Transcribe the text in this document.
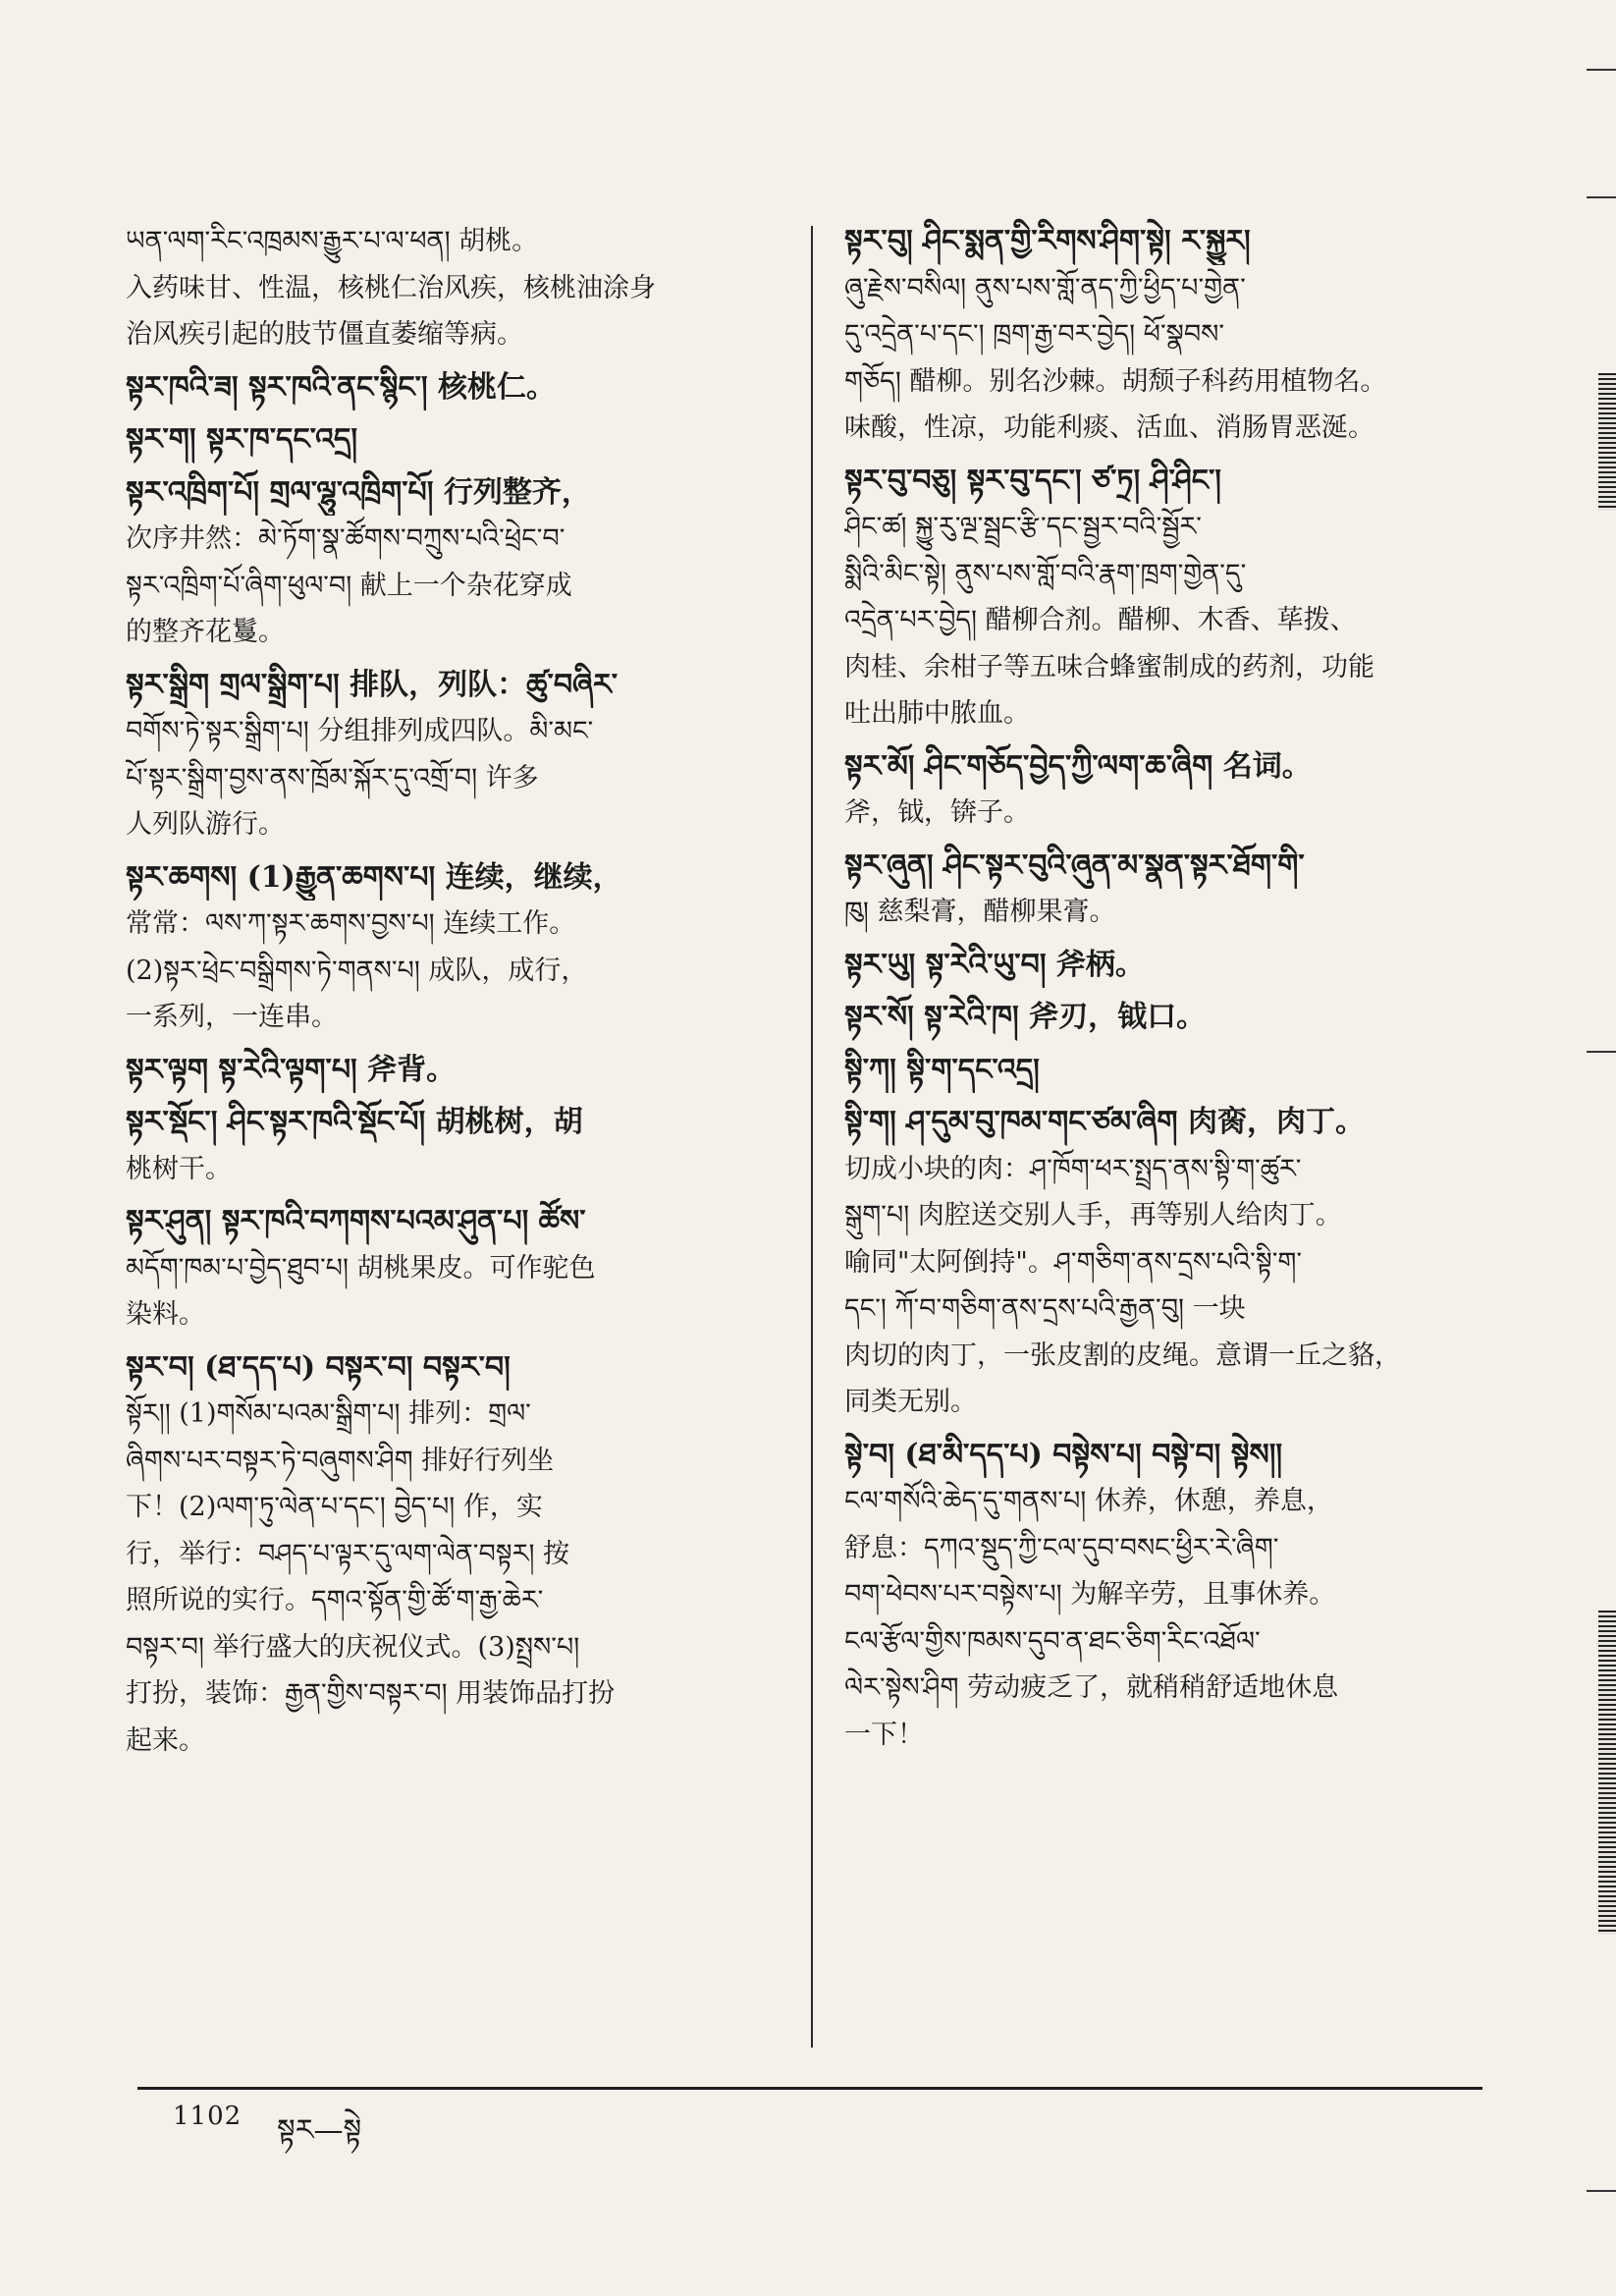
ཡན་ལག་རིང་འཁྲམས་རྒྱུར་པ་ལ་ཕན། 胡桃。
入药味甘、性温，核桃仁治风疾，核桃油涂身
治风疾引起的肢节僵直萎缩等病。
སྟར་ཁའི་ཟ། སྟར་ཁའི་ནང་སྙིང་། 核桃仁。
སྟར་ག། སྟར་ཁ་དང་འདྲ།
སྟར་འཁྲིག་པོ། གྲལ་ལྷུ་འཁྲིག་པོ། 行列整齐，
次序井然：མེ་ཏོག་སྣ་ཚོགས་བཀྲུས་པའི་ཕྲེང་བ་
སྟར་འཁྲིག་པོ་ཞིག་ཕུལ་བ། 献上一个杂花穿成
的整齐花鬘。
སྟར་སྒྲིག གྲལ་སྒྲིག་པ། 排队，列队：ཚུ་བཞིར་
བགོས་ཏེ་སྟར་སྒྲིག་པ། 分组排列成四队。མི་མང་
པོ་སྟར་སྒྲིག་བྱས་ནས་ཁྲོམ་སྐོར་དུ་འགྲོ་བ། 许多
人列队游行。
སྟར་ཆགས། (1)རྒྱུན་ཆགས་པ། 连续，继续，
常常：ལས་ཀ་སྟར་ཆགས་བྱས་པ། 连续工作。
(2)སྟར་ཕྲེང་བསྒྲིགས་ཏེ་གནས་པ། 成队，成行，
一系列，一连串。
སྟར་ལྟག སྟ་རེའི་ལྟག་པ། 斧背。
སྟར་སྡོང་། ཤིང་སྟར་ཁའི་སྡོང་པོ། 胡桃树，胡
桃树干。
སྟར་ཤུན། སྟར་ཁའི་བཀགས་པའམ་ཤུན་པ། ཚོས་
མདོག་ཁམ་པ་བྱེད་ཐུབ་པ། 胡桃果皮。可作驼色
染料。
སྟར་བ། (ཐ་དད་པ) བསྟར་བ། བསྟར་བ།
སྟོར།། (1)གསོམ་པའམ་སྒྲིག་པ། 排列：གྲལ་
ཞིགས་པར་བསྟར་ཏེ་བཞུགས་ཤིག 排好行列坐
下！(2)ལག་ཏུ་ལེན་པ་དང་། བྱེད་པ། 作，实
行，举行：བཤད་པ་ལྟར་དུ་ལག་ལེན་བསྟར། 按
照所说的实行。དགའ་སྟོན་གྱི་ཚོ་ག་རྒྱ་ཆེར་
བསྟར་བ། 举行盛大的庆祝仪式。(3)སྤྲས་པ།
打扮，装饰：རྒྱན་གྱིས་བསྟར་བ། 用装饰品打扮
起来。
སྟར་བུ། ཤིང་སྨན་གྱི་རིགས་ཤིག་སྟེ། ཪ་སྐྱུར།
ཞུ་རྗེས་བསིལ། ནུས་པས་གློ་ནད་ཀྱི་ཕྱིད་པ་གྱེན་
དུ་འདྲེན་པ་དང་། ཁྲག་རྒྱ་བར་བྱེད། ཕོ་སྣབས་
གཅོད། 醋柳。别名沙棘。胡颓子科药用植物名。
味酸，性凉，功能利痰、活血、消肠胃恶涎。
སྟར་བུ་བཅུ། སྟར་བུ་དང་། ཙ་ཏྲ། ཤི་ཤིང་།
ཤིང་ཚ། སྐྱུ་རུ་ལྔ་སྦྲང་རྩི་དང་སྦྱར་བའི་སྦྱོར་
སྨིའི་མིང་སྟེ། ནུས་པས་གློ་བའི་རྣག་ཁྲག་གྱེན་དུ་
འདྲེན་པར་བྱེད། 醋柳合剂。醋柳、木香、荜拨、
肉桂、余柑子等五味合蜂蜜制成的药剂，功能
吐出肺中脓血。
སྟར་མོ། ཤིང་གཅོད་བྱེད་ཀྱི་ལག་ཆ་ཞིག 名词。
斧，钺，锛子。
སྟར་ཞུན། ཤིང་སྟར་བུའི་ཞུན་མ་སྣན་སྟར་ཐོག་གི་
ཁུ། 慈梨膏，醋柳果膏。
སྟར་ཡུ། སྟ་རེའི་ཡུ་བ། 斧柄。
སྟར་སོ། སྟ་རེའི་ཁ། 斧刃，钺口。
སྟི་ཀ། སྟི་ག་དང་འདྲ།
སྟི་ག། ཤ་དུམ་བུ་ཁམ་གང་ཙམ་ཞིག 肉脔，肉丁。
切成小块的肉：ཤ་ཁོག་ཕར་སྤྲད་ནས་སྟི་ག་ཚུར་
སྒུག་པ། 肉腔送交别人手，再等别人给肉丁。
喻同"太阿倒持"。ཤ་གཅིག་ནས་དྲས་པའི་སྟི་ག་
དང་། ཀོ་བ་གཅིག་ནས་དྲས་པའི་རྒྱན་བུ། 一块
肉切的肉丁，一张皮割的皮绳。意谓一丘之貉，
同类无别。
སྟེ་བ། (ཐ་མི་དད་པ) བསྟེས་པ། བསྟེ་བ། སྟེས།།
ངལ་གསོའི་ཆེད་དུ་གནས་པ། 休养，休憩，养息，
舒息：དཀའ་སྡུད་ཀྱི་ངལ་དུབ་བསང་ཕྱིར་རེ་ཞིག་
བག་ཕེབས་པར་བསྟེས་པ། 为解辛劳，且事休养。
ངལ་རྩོལ་གྱིས་ཁམས་དུབ་ན་ཐང་ཅིག་རིང་འཐོལ་
ལེར་སྟེས་ཤིག 劳动疲乏了，就稍稍舒适地休息
一下！
1102 སྟར—སྟེ
